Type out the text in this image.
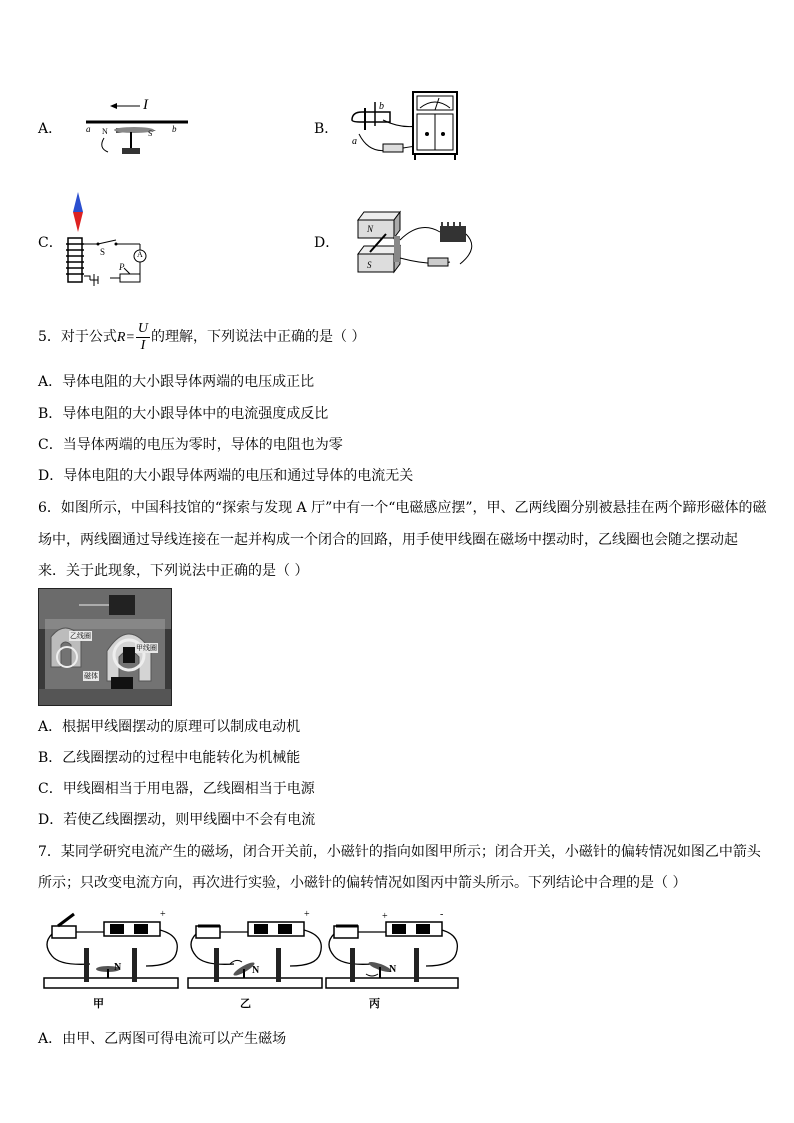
A．
I
a	b
N	S	B．
a
b
C．
S	A
P
D．
N
S
5．对于公式$R= \frac{U}{I}$ 的理解，下列说法中正确的是（ ）
A．导体电阻的大小跟导体两端的电压成正比
B．导体电阻的大小跟导体中的电流强度成反比
C．当导体两端的电压为零时，导体的电阻也为零
D．导体电阻的大小跟导体两端的电压和通过导体的电流无关
6．如图所示，中国科技馆的“探索与发现 A 厅”中有一个“电磁感应摆”，甲、乙两线圈分别被悬挂在两个蹄形磁体的磁
场中，两线圈通过导线连接在一起并构成一个闭合的回路，用手使甲线圈在磁场中摆动时，乙线圈也会随之摆动起
来．关于此现象，下列说法中正确的是（ ）
乙线圈
甲线圈
磁体
A．根据甲线圈摆动的原理可以制成电动机
B．乙线圈摆动的过程中电能转化为机械能
C．甲线圈相当于用电器，乙线圈相当于电源
D．若使乙线圈摆动，则甲线圈中不会有电流
7．某同学研究电流产生的磁场，闭合开关前，小磁针的指向如图甲所示；闭合开关，小磁针的偏转情况如图乙中箭头
所示；只改变电流方向，再次进行实验，小磁针的偏转情况如图丙中箭头所示。下列结论中合理的是（ ）
+
N
甲
+
N
乙
+	-
N
丙
A．由甲、乙两图可得电流可以产生磁场
